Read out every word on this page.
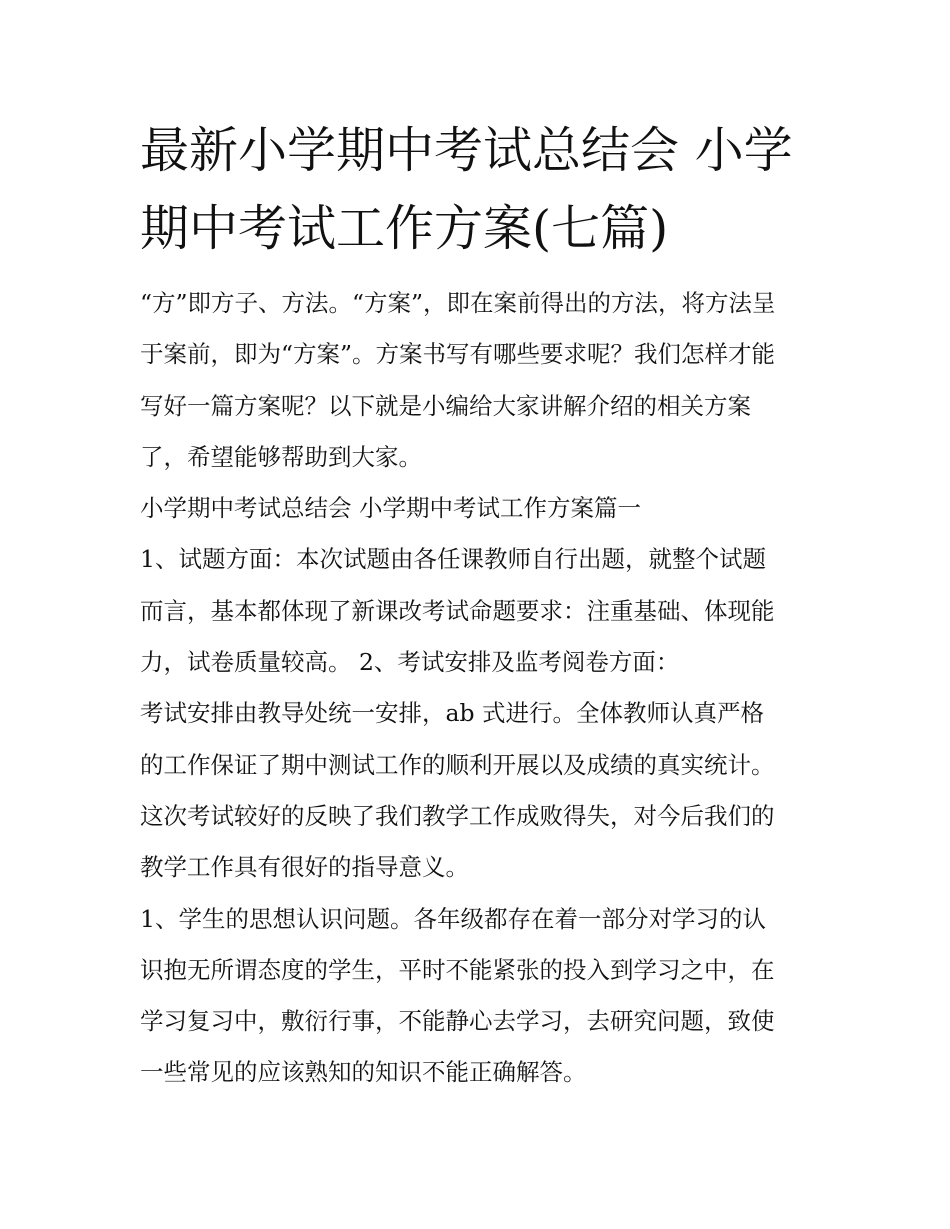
最新小学期中考试总结会 小学
期中考试工作方案(七篇)
“方”即方子、方法。“方案”，即在案前得出的方法，将方法呈
于案前，即为“方案”。方案书写有哪些要求呢？我们怎样才能
写好一篇方案呢？以下就是小编给大家讲解介绍的相关方案
了，希望能够帮助到大家。
小学期中考试总结会 小学期中考试工作方案篇一
1、试题方面：本次试题由各任课教师自行出题，就整个试题
而言，基本都体现了新课改考试命题要求：注重基础、体现能
力，试卷质量较高。 2、考试安排及监考阅卷方面：
考试安排由教导处统一安排，ab 式进行。全体教师认真严格
的工作保证了期中测试工作的顺利开展以及成绩的真实统计。
这次考试较好的反映了我们教学工作成败得失，对今后我们的
教学工作具有很好的指导意义。
1、学生的思想认识问题。各年级都存在着一部分对学习的认
识抱无所谓态度的学生，平时不能紧张的投入到学习之中，在
学习复习中，敷衍行事，不能静心去学习，去研究问题，致使
一些常见的应该熟知的知识不能正确解答。
